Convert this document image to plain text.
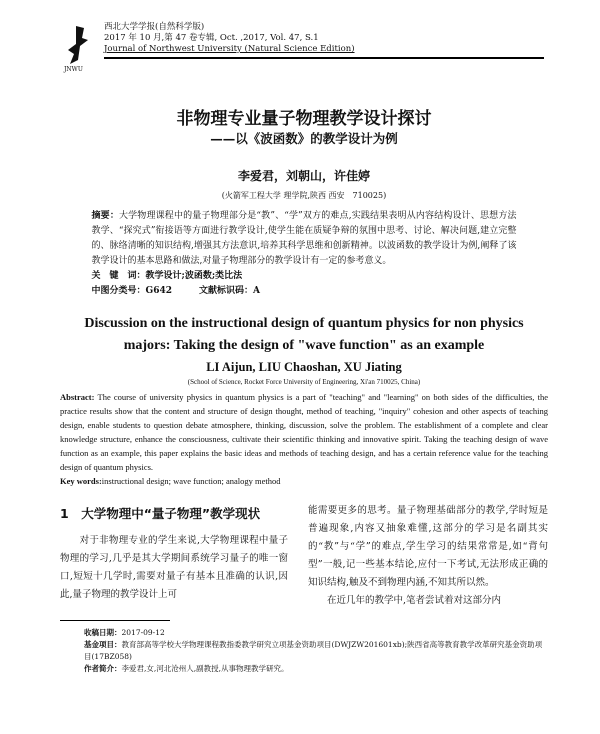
JNWU
西北大学学报(自然科学版)
2017 年 10 月,第 47 卷专辑, Oct. ,2017, Vol. 47, S.1
Journal of Northwest University (Natural Science Edition)
非物理专业量子物理教学设计探讨
——以《波函数》的教学设计为例
李爱君，刘朝山，许佳婷
(火箭军工程大学 理学院,陕西 西安　710025)
摘要：大学物理课程中的量子物理部分是“教”、“学”双方的难点,实践结果表明从内容结构设计、思想方法教学、“探究式”衔接语等方面进行教学设计,使学生能在质疑争辩的氛围中思考、讨论、解决问题,建立完整的、脉络清晰的知识结构,增强其方法意识,培养其科学思维和创新精神。以波函数的教学设计为例,阐释了该教学设计的基本思路和做法,对量子物理部分的教学设计有一定的参考意义。
关　键　词：教学设计;波函数;类比法
中图分类号：G642　　　	文献标识码：A
Discussion on the instructional design of quantum physics for non physics majors: Taking the design of "wave function" as an example
LI Aijun, LIU Chaoshan, XU Jiating
(School of Science, Rocket Force University of Engineering, Xi'an 710025, China)
Abstract: The course of university physics in quantum physics is a part of "teaching" and "learning" on both sides of the difficulties, the practice results show that the content and structure of design thought, method of teaching, "inquiry" cohesion and other aspects of teaching design, enable students to question debate atmosphere, thinking, discussion, solve the problem. The establishment of a complete and clear knowledge structure, enhance the consciousness, cultivate their scientific thinking and innovative spirit. Taking the teaching design of wave function as an example, this paper explains the basic ideas and methods of teaching design, and has a certain reference value for the teaching design of quantum physics.
Key words:instructional design; wave function; analogy method
1　大学物理中“量子物理”教学现状
　　对于非物理专业的学生来说,大学物理课程中量子物理的学习,几乎是其大学期间系统学习量子的唯一窗口,短短十几学时,需要对量子有基本且准确的认识,因此,量子物理的教学设计上可
能需要更多的思考。量子物理基础部分的教学,学时短是普遍现象,内容又抽象难懂,这部分的学习是名副其实的“教”与“学”的难点,学生学习的结果常常是,如“背句型”一般,记一些基本结论,应付一下考试,无法形成正确的知识结构,触及不到物理内涵,不知其所以然。
　　在近几年的教学中,笔者尝试着对这部分内
收稿日期：2017-09-12
基金项目：教育部高等学校大学物理课程教指委教学研究立项基金资助项目(DWJZW201601xb);陕西省高等教育教学改革研究基金资助项目(17BZ058)
作者简介：李爱君,女,河北沧州人,副教授,从事物理教学研究。
